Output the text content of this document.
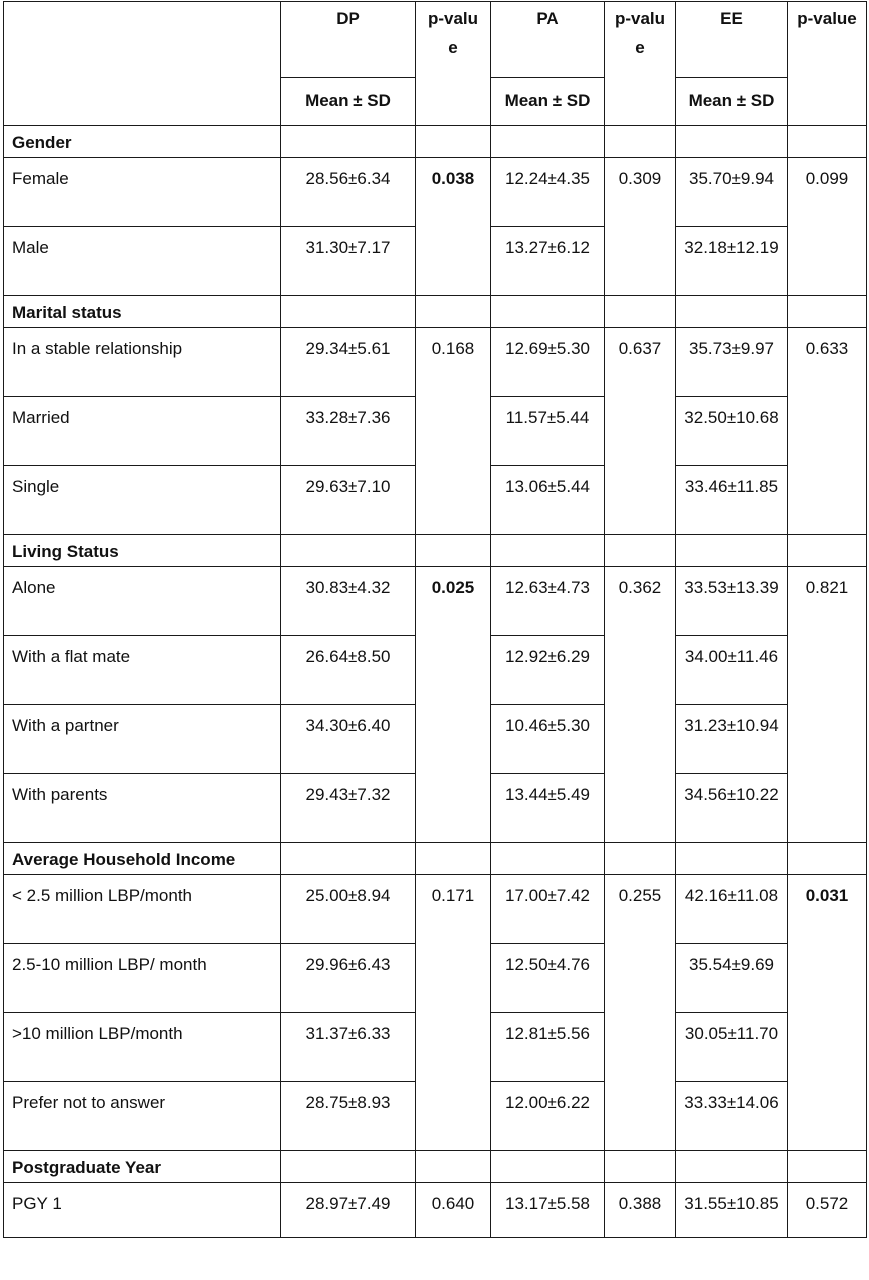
	DP	p-value	PA	p-value	EE	p-value
	Mean ± SD		Mean ± SD		Mean ± SD	
Gender						
Female	28.56±6.34	0.038	12.24±4.35	0.309	35.70±9.94	0.099
Male	31.30±7.17		13.27±6.12		32.18±12.19	
Marital status						
In a stable relationship	29.34±5.61	0.168	12.69±5.30	0.637	35.73±9.97	0.633
Married	33.28±7.36		11.57±5.44		32.50±10.68	
Single	29.63±7.10		13.06±5.44		33.46±11.85	
Living Status						
Alone	30.83±4.32	0.025	12.63±4.73	0.362	33.53±13.39	0.821
With a flat mate	26.64±8.50		12.92±6.29		34.00±11.46	
With a partner	34.30±6.40		10.46±5.30		31.23±10.94	
With parents	29.43±7.32		13.44±5.49		34.56±10.22	
Average Household Income						
< 2.5 million LBP/month	25.00±8.94	0.171	17.00±7.42	0.255	42.16±11.08	0.031
2.5-10 million LBP/ month	29.96±6.43		12.50±4.76		35.54±9.69	
>10 million LBP/month	31.37±6.33		12.81±5.56		30.05±11.70	
Prefer not to answer	28.75±8.93		12.00±6.22		33.33±14.06	
Postgraduate Year						
PGY 1	28.97±7.49	0.640	13.17±5.58	0.388	31.55±10.85	0.572
